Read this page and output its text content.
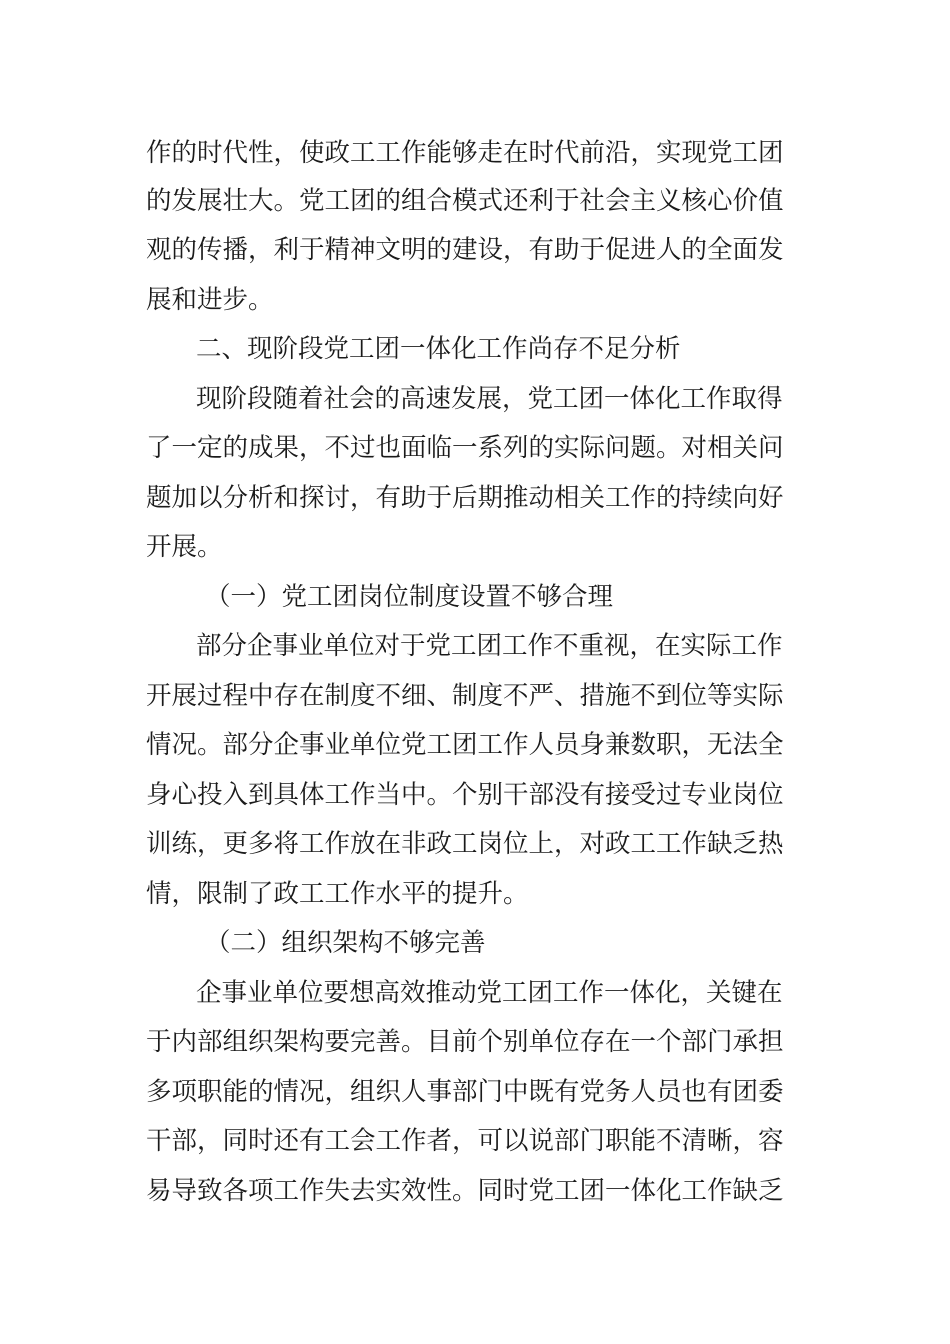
作的时代性，使政工工作能够走在时代前沿，实现党工团
的发展壮大。党工团的组合模式还利于社会主义核心价值
观的传播，利于精神文明的建设，有助于促进人的全面发
展和进步。
二、现阶段党工团一体化工作尚存不足分析
现阶段随着社会的高速发展，党工团一体化工作取得
了一定的成果，不过也面临一系列的实际问题。对相关问
题加以分析和探讨，有助于后期推动相关工作的持续向好
开展。
（一）党工团岗位制度设置不够合理
部分企事业单位对于党工团工作不重视，在实际工作
开展过程中存在制度不细、制度不严、措施不到位等实际
情况。部分企事业单位党工团工作人员身兼数职，无法全
身心投入到具体工作当中。个别干部没有接受过专业岗位
训练，更多将工作放在非政工岗位上，对政工工作缺乏热
情，限制了政工工作水平的提升。
（二）组织架构不够完善
企事业单位要想高效推动党工团工作一体化，关键在
于内部组织架构要完善。目前个别单位存在一个部门承担
多项职能的情况，组织人事部门中既有党务人员也有团委
干部，同时还有工会工作者，可以说部门职能不清晰，容
易导致各项工作失去实效性。同时党工团一体化工作缺乏
